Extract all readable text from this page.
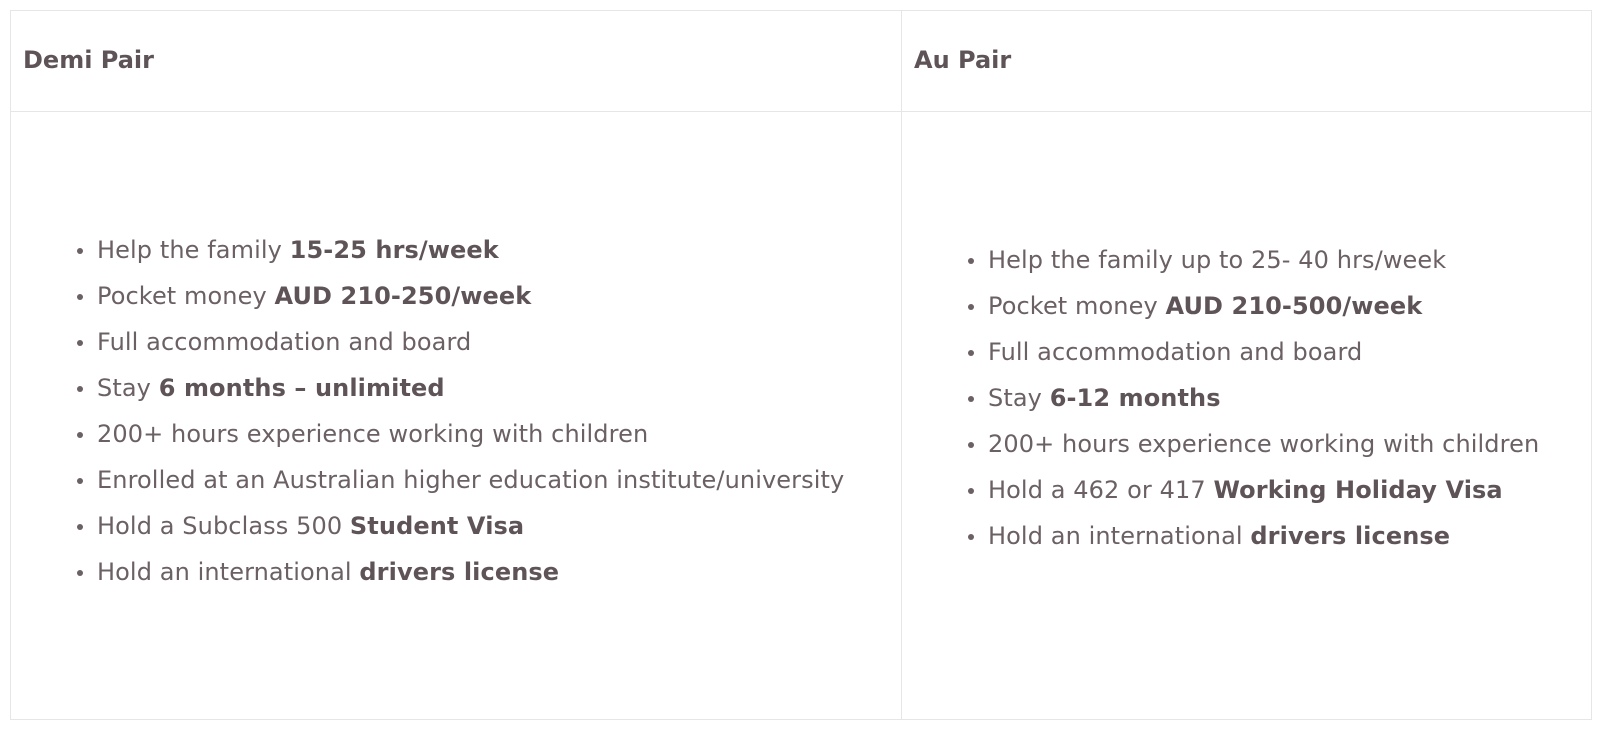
Demi Pair	Au Pair
Help the family 15-25 hrs/week
Pocket money AUD 210-250/week
Full accommodation and board
Stay 6 months – unlimited
200+ hours experience working with children
Enrolled at an Australian higher education institute/university
Hold a Subclass 500 Student Visa
Hold an international drivers license
Help the family up to 25- 40 hrs/week
Pocket money AUD 210-500/week
Full accommodation and board
Stay 6-12 months
200+ hours experience working with children
Hold a 462 or 417 Working Holiday Visa
Hold an international drivers license
